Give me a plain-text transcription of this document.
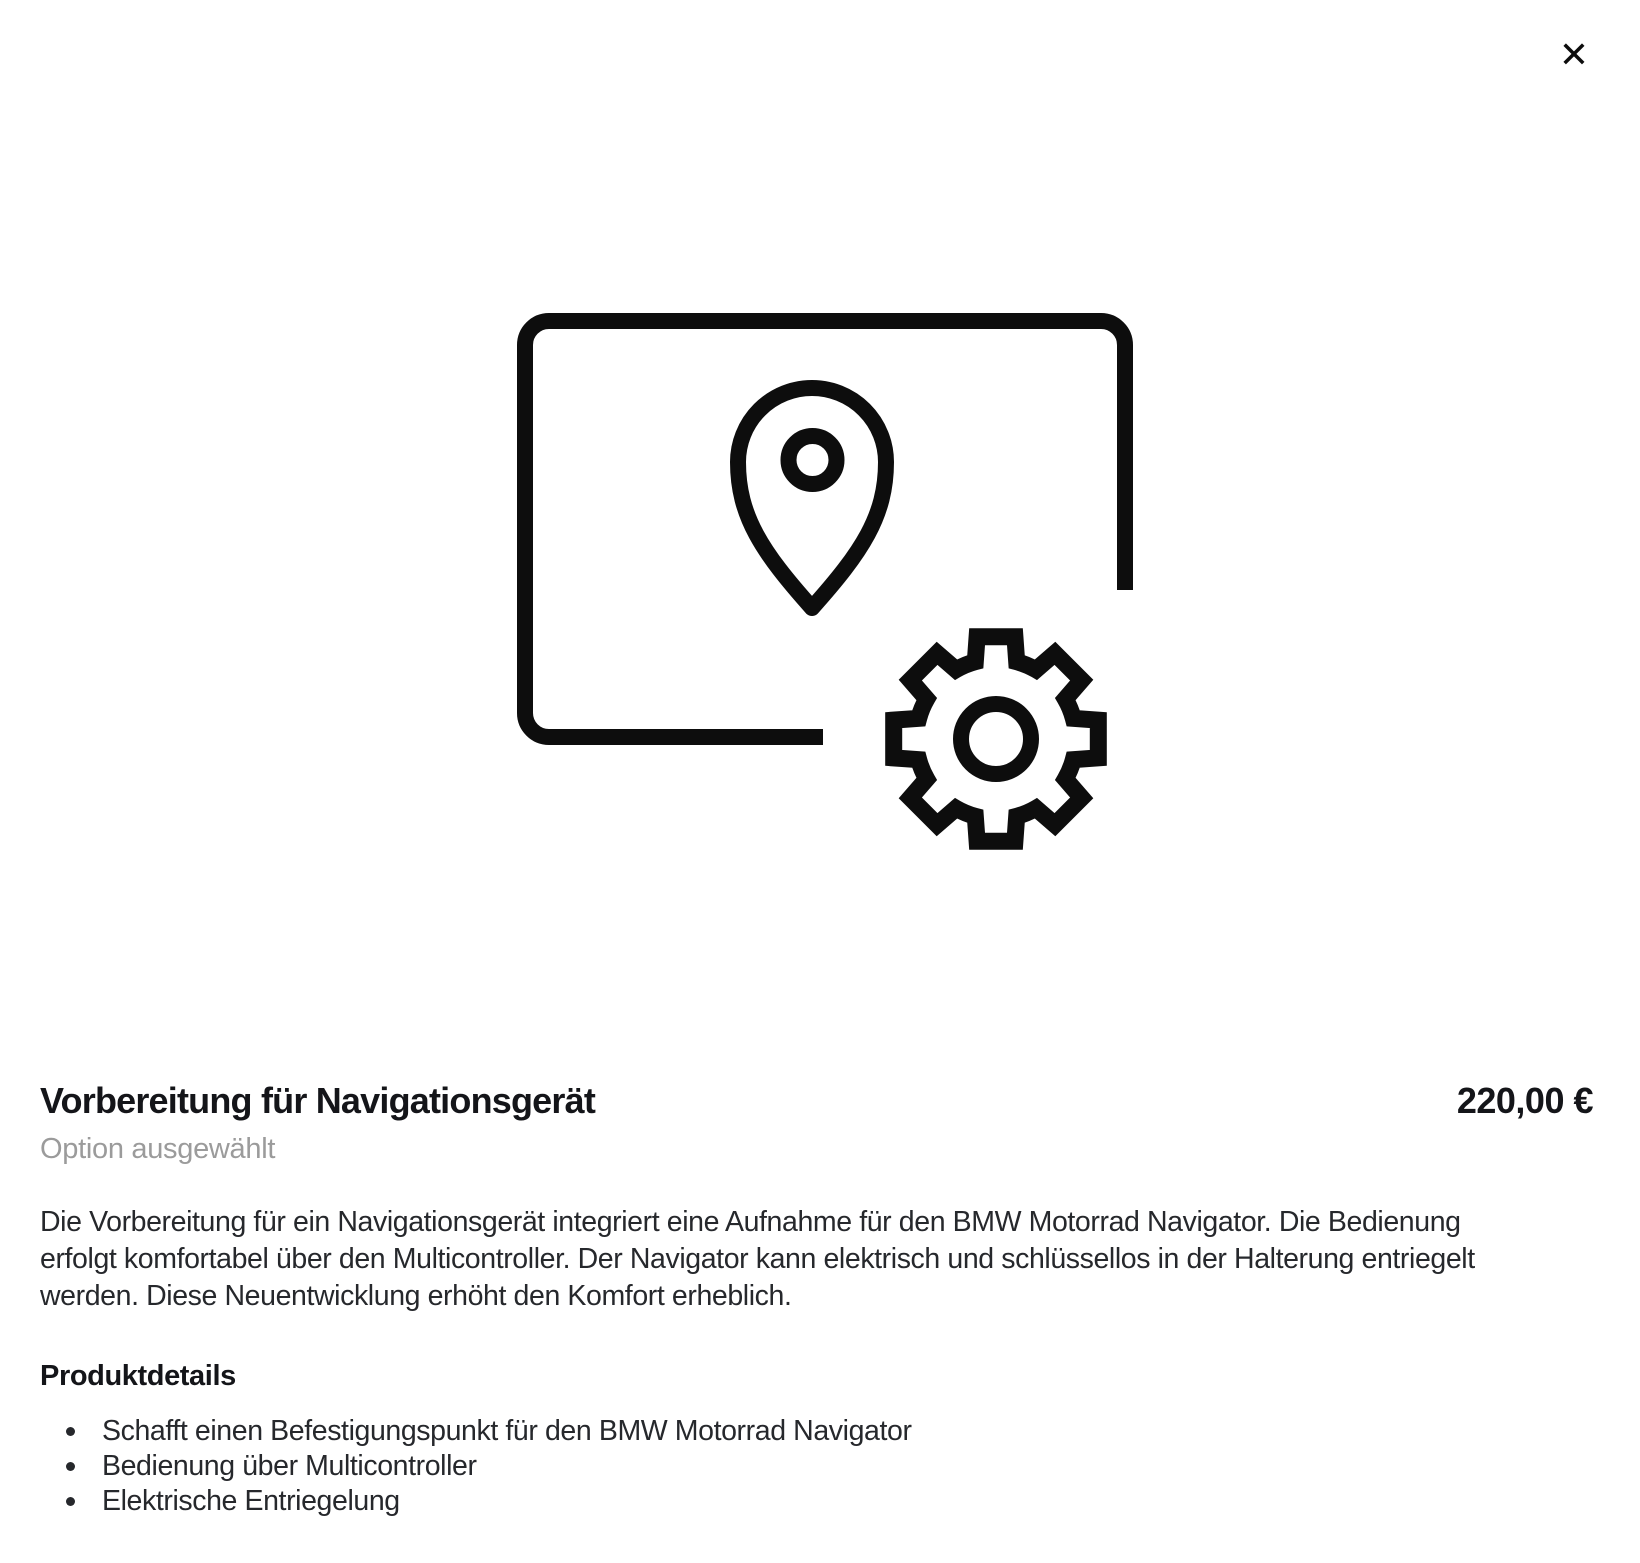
✕
Vorbereitung für Navigationsgerät	220,00 €
Option ausgewählt
Die Vorbereitung für ein Navigationsgerät integriert eine Aufnahme für den BMW Motorrad Navigator. Die Bedienung
erfolgt komfortabel über den Multicontroller. Der Navigator kann elektrisch und schlüssellos in der Halterung entriegelt
werden. Diese Neuentwicklung erhöht den Komfort erheblich.
Produktdetails
Schafft einen Befestigungspunkt für den BMW Motorrad Navigator
Bedienung über Multicontroller
Elektrische Entriegelung
